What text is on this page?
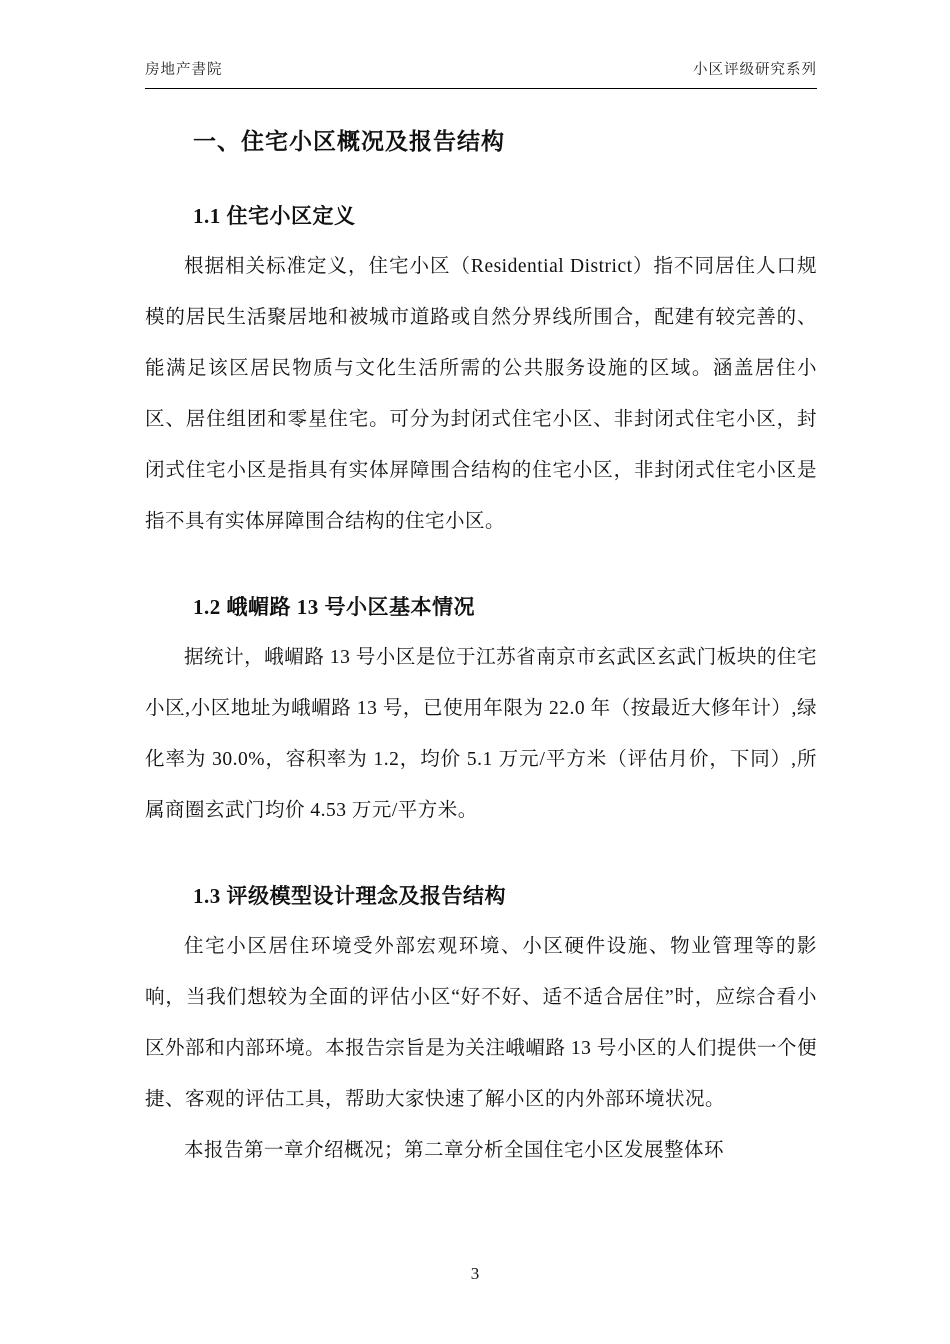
房地产書院	小区评级研究系列
一、住宅小区概况及报告结构
1.1 住宅小区定义

根据相关标准定义，住宅小区（Residential District）指不同居住人口规模的居民生活聚居地和被城市道路或自然分界线所围合，配建有较完善的、能满足该区居民物质与文化生活所需的公共服务设施的区域。涵盖居住小区、居住组团和零星住宅。可分为封闭式住宅小区、非封闭式住宅小区，封闭式住宅小区是指具有实体屏障围合结构的住宅小区，非封闭式住宅小区是指不具有实体屏障围合结构的住宅小区。

1.2 峨嵋路 13 号小区基本情况

据统计，峨嵋路 13 号小区是位于江苏省南京市玄武区玄武门板块的住宅小区,小区地址为峨嵋路 13 号，已使用年限为 22.0 年（按最近大修年计）,绿化率为 30.0%，容积率为 1.2，均价 5.1 万元/平方米（评估月价，下同）,所属商圈玄武门均价 4.53 万元/平方米。

1.3 评级模型设计理念及报告结构

住宅小区居住环境受外部宏观环境、小区硬件设施、物业管理等的影响，当我们想较为全面的评估小区“好不好、适不适合居住”时，应综合看小区外部和内部环境。本报告宗旨是为关注峨嵋路 13 号小区的人们提供一个便捷、客观的评估工具，帮助大家快速了解小区的内外部环境状况。

本报告第一章介绍概况；第二章分析全国住宅小区发展整体环

3
